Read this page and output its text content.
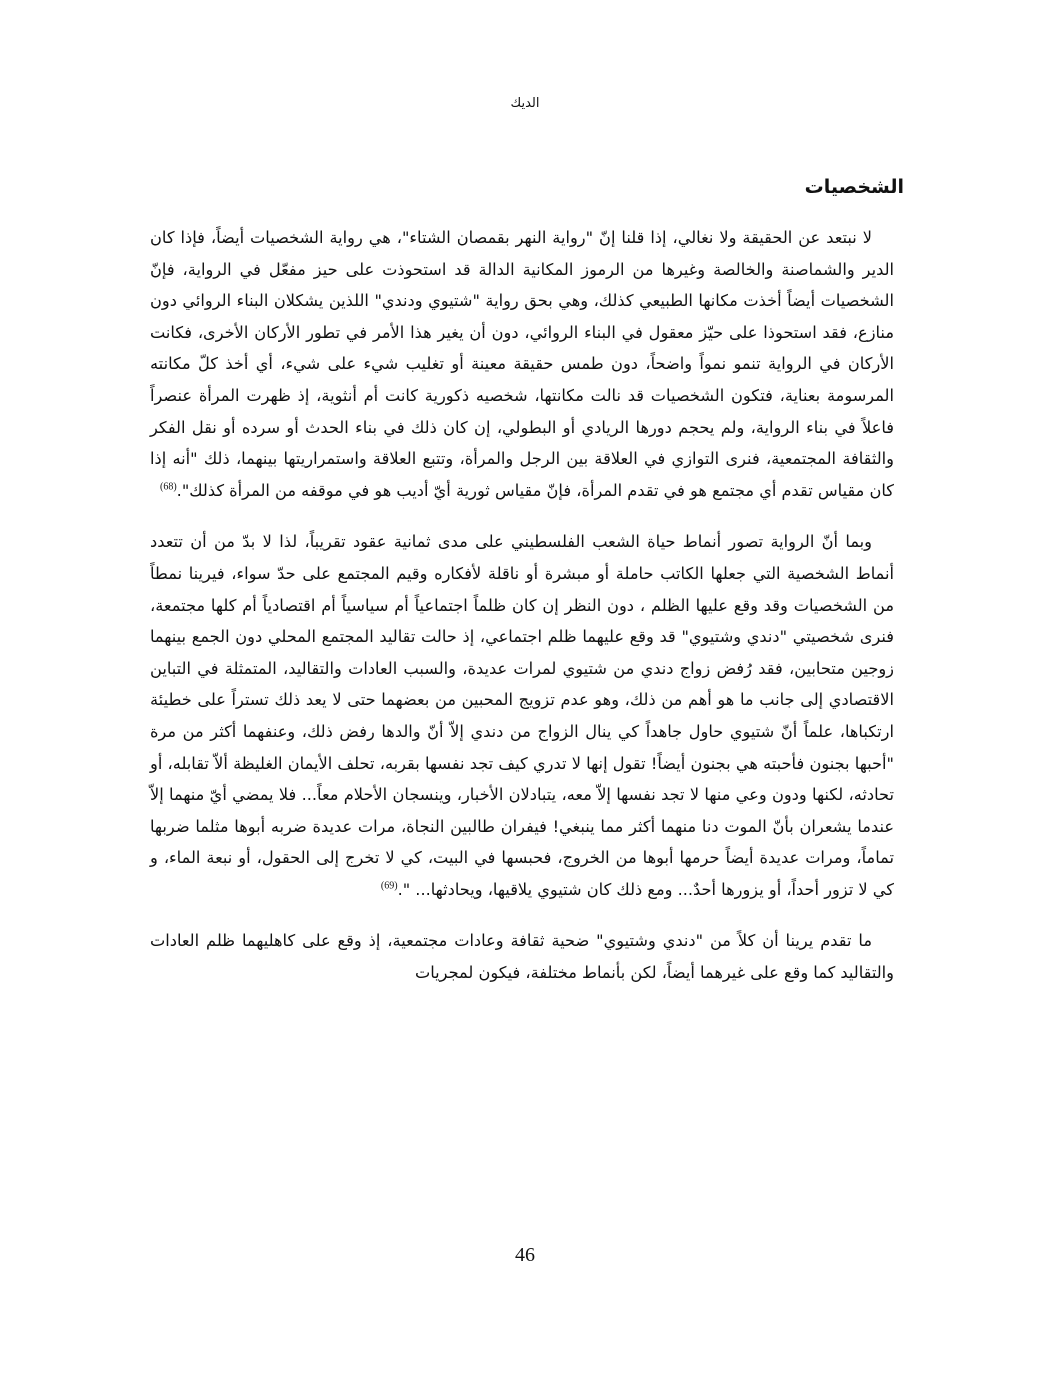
الديك
الشخصيات

لا نبتعد عن الحقيقة ولا نغالي، إذا قلنا إنّ "رواية النهر بقمصان الشتاء"، هي رواية الشخصيات أيضاً، فإذا كان الدير والشماصنة والخالصة وغيرها من الرموز المكانية الدالة قد استحوذت على حيز مفعّل في الرواية، فإنّ الشخصيات أيضاً أخذت مكانها الطبيعي كذلك، وهي بحق رواية "شتيوي ودندي" اللذين يشكلان البناء الروائي دون منازع، فقد استحوذا على حيّز معقول في البناء الروائي، دون أن يغير هذا الأمر في تطور الأركان الأخرى، فكانت الأركان في الرواية تنمو نمواً واضحاً، دون طمس حقيقة معينة أو تغليب شيء على شيء، أي أخذ كلّ مكانته المرسومة بعناية، فتكون الشخصيات قد نالت مكانتها، شخصيه ذكورية كانت أم أنثوية، إذ ظهرت المرأة عنصراً فاعلاً في بناء الرواية، ولم يحجم دورها الريادي أو البطولي، إن كان ذلك في بناء الحدث أو سرده أو نقل الفكر والثقافة المجتمعية، فنرى التوازي في العلاقة بين الرجل والمرأة، وتتبع العلاقة واستمراريتها بينهما، ذلك "أنه إذا كان مقياس تقدم أي مجتمع هو في تقدم المرأة، فإنّ مقياس ثورية أيّ أديب هو في موقفه من المرأة كذلك".$^{(68)}$

وبما أنّ الرواية تصور أنماط حياة الشعب الفلسطيني على مدى ثمانية عقود تقريباً، لذا لا بدّ من أن تتعدد أنماط الشخصية التي جعلها الكاتب حاملة أو مبشرة أو ناقلة لأفكاره وقيم المجتمع على حدّ سواء، فيرينا نمطاً من الشخصيات وقد وقع عليها الظلم ، دون النظر إن كان ظلماً اجتماعياً أم سياسياً أم اقتصادياً أم كلها مجتمعة، فنرى شخصيتي "دندي وشتيوي" قد وقع عليهما ظلم اجتماعي، إذ حالت تقاليد المجتمع المحلي دون الجمع بينهما زوجين متحابين، فقد رُفض زواج دندي من شتيوي لمرات عديدة، والسبب العادات والتقاليد، المتمثلة في التباين الاقتصادي إلى جانب ما هو أهم من ذلك، وهو عدم تزويج المحبين من بعضهما حتى لا يعد ذلك تستراً على خطيئة ارتكباها، علماً أنّ شتيوي حاول جاهداً كي ينال الزواج من دندي إلاّ أنّ والدها رفض ذلك، وعنفهما أكثر من مرة "أحبها بجنون فأحبته هي بجنون أيضاً! تقول إنها لا تدري كيف تجد نفسها بقربه، تحلف الأيمان الغليظة ألاّ تقابله، أو تحادثه، لكنها ودون وعي منها لا تجد نفسها إلاّ معه، يتبادلان الأخبار، وينسجان الأحلام معاً... فلا يمضي أيّ منهما إلاّ عندما يشعران بأنّ الموت دنا منهما أكثر مما ينبغي! فيفران طالبين النجاة، مرات عديدة ضربه أبوها مثلما ضربها تماماً، ومرات عديدة أيضاً حرمها أبوها من الخروج، فحبسها في البيت، كي لا تخرج إلى الحقول، أو نبعة الماء، و كي لا تزور أحداً، أو يزورها أحدٌ... ومع ذلك كان شتيوي يلاقيها، ويحادثها... ".$^{(69)}$

ما تقدم يرينا أن كلاً من "دندي وشتيوي" ضحية ثقافة وعادات مجتمعية، إذ وقع على كاهليهما ظلم العادات والتقاليد كما وقع على غيرهما أيضاً، لكن بأنماط مختلفة، فيكون لمجريات

46
